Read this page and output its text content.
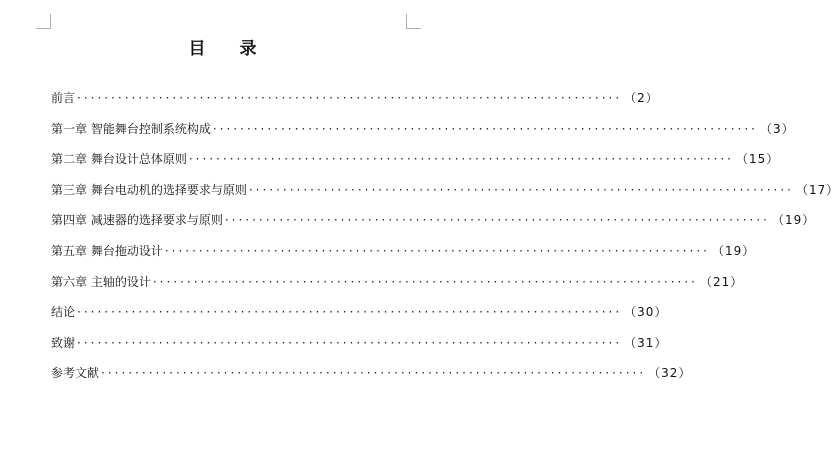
目 录
前言 ················································································ （2）
第一章 智能舞台控制系统构成 ················································································ （3）
第二章 舞台设计总体原则 ················································································ （15）
第三章 舞台电动机的选择要求与原则 ················································································ （17）
第四章 减速器的选择要求与原则 ················································································ （19）
第五章 舞台拖动设计 ················································································ （19）
第六章 主轴的设计 ················································································ （21）
结论 ················································································ （30）
致谢 ················································································ （31）
参考文献 ················································································ （32）
